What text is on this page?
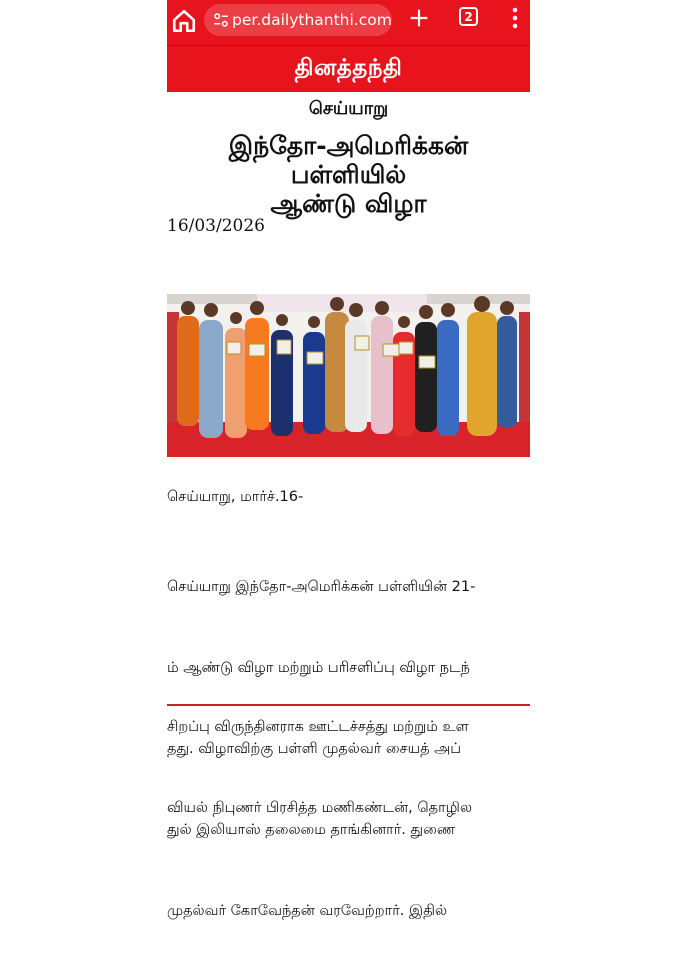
per.dailythanthi.com	2
தினத்தந்தி
செய்யாறு
இந்தோ-அமெரிக்கன் பள்ளியில்
ஆண்டு விழா
16/03/2026
செய்யாறு, மார்ச்.16-

செய்யாறு இந்தோ-அமெரிக்கன் பள்ளியின் 21-

ம் ஆண்டு விழா மற்றும் பரிசளிப்பு விழா நடந்

தது. விழாவிற்கு பள்ளி முதல்வர் சையத் அப்

துல் இலியாஸ் தலைமை தாங்கினார். துணை

முதல்வர் கோவேந்தன் வரவேற்றார். இதில்

சிறப்பு விருந்தினராக ஊட்டச்சத்து மற்றும் உள

வியல் நிபுணர் பிரசித்த மணிகண்டன், தொழில
